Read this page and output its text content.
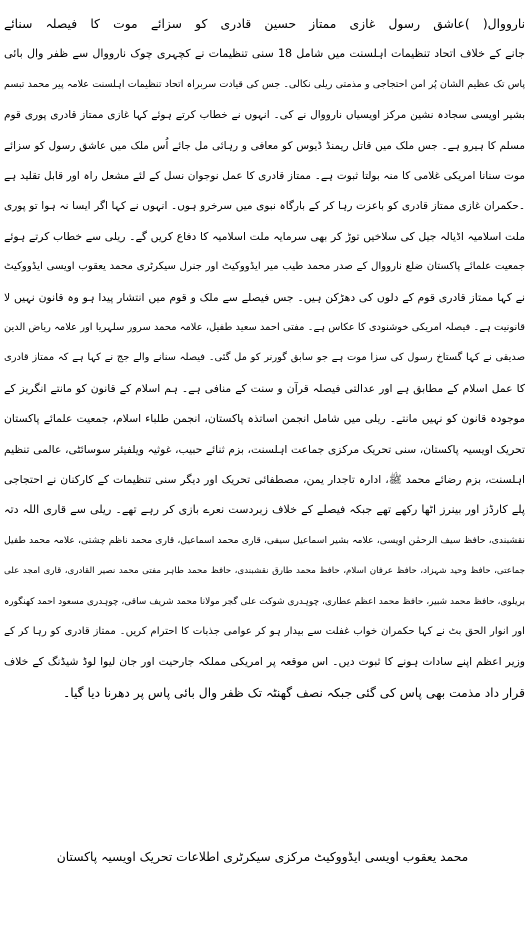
نارووال( )عاشق رسول غازی ممتاز حسین قادری کو سزائے موت کا فیصلہ سنائے
جانے کے خلاف اتحاد تنظیمات اہلسنت میں شامل 18 سنی تنظیمات نے کچہری چوک نارووال سے ظفر وال بائی
پاس تک عظیم الشان پُر امن احتجاجی و مذمتی ریلی نکالی۔ جس کی قیادت سربراہ اتحاد تنظیمات اہلسنت علامہ پیر محمد تبسم
بشیر اویسی سجادہ نشین مرکز اویسیاں نارووال نے کی۔ انہوں نے خطاب کرتے ہوئے کہا غازی ممتاز قادری پوری قوم
مسلم کا ہیرو ہے۔ جس ملک میں قاتل ریمنڈ ڈیوس کو معافی و رہائی مل جائے اُس ملک میں عاشق رسول کو سزائے
موت سنانا امریکی غلامی کا منہ بولتا ثبوت ہے۔ ممتاز قادری کا عمل نوجوان نسل کے لئے مشعل راہ اور قابل تقلید ہے
۔حکمران غازی ممتاز قادری کو باعزت رہا کر کے بارگاہ نبوی میں سرخرو ہوں۔ انہوں نے کہا اگر ایسا نہ ہوا تو پوری
ملت اسلامیہ اڈیالہ جیل کی سلاخیں توڑ کر بھی سرمایہ ملت اسلامیہ کا دفاع کریں گے۔ ریلی سے خطاب کرتے ہوئے
جمعیت علمائے پاکستان ضلع نارووال کے صدر محمد طیب میر ایڈووکیٹ اور جنرل سیکرٹری محمد یعقوب اویسی ایڈووکیٹ
نے کہا ممتاز قادری قوم کے دلوں کی دھڑکن ہیں۔ جس فیصلے سے ملک و قوم میں انتشار پیدا ہو وہ قانون نہیں لا
قانونیت ہے۔ فیصلہ امریکی خوشنودی کا عکاس ہے۔ مفتی احمد سعید طفیل، علامہ محمد سرور سلہریا اور علامہ ریاض الدین
صدیقی نے کہا گستاخ رسول کی سزا موت ہے جو سابق گورنر کو مل گئی۔ فیصلہ سنانے والے جج نے کہا ہے کہ ممتاز قادری
کا عمل اسلام کے مطابق ہے اور عدالتی فیصلہ قرآن و سنت کے منافی ہے۔ ہم اسلام کے قانون کو مانتے انگریز کے
موجودہ قانون کو نہیں مانتے۔ ریلی میں شامل انجمن اساتذہ پاکستان، انجمن طلباء اسلام، جمعیت علمائے پاکستان
تحریک اویسیہ پاکستان، سنی تحریک مرکزی جماعت اہلسنت، بزم ثنائے حبیب، غوثیہ ویلفیئر سوسائٹی، عالمی تنظیم
اہلسنت، بزم رضائے محمد ﷺ، ادارہ تاجدار یمن، مصطفائی تحریک اور دیگر سنی تنظیمات کے کارکنان نے احتجاجی
پلے کارڈز اور بینرز اٹھا رکھے تھے جبکہ فیصلے کے خلاف زبردست نعرے بازی کر رہے تھے۔ ریلی سے قاری اللہ دتہ
نقشبندی، حافظ سیف الرحمٰن اویسی، علامہ بشیر اسماعیل سیفی، قاری محمد اسماعیل، قاری محمد ناظم چشتی، علامہ محمد طفیل
جماعتی، حافظ وحید شہزاد، حافظ عرفان اسلام، حافظ محمد طارق نقشبندی، حافظ محمد طاہر مفتی محمد نصیر القادری، قاری امجد علی
بریلوی، حافظ محمد شبیر، حافظ محمد اعظم عطاری، چوہدری شوکت علی گجر مولانا محمد شریف ساقی، چوہدری مسعود احمد کھنگورہ
اور انوار الحق بٹ نے کہا حکمران خواب غفلت سے بیدار ہو کر عوامی جذبات کا احترام کریں۔ ممتاز قادری کو رہا کر کے
وزیر اعظم اپنے سادات ہونے کا ثبوت دیں۔ اس موقعہ پر امریکی مملکہ جارحیت اور جان لیوا لوڈ شیڈنگ کے خلاف
قرار داد مذمت بھی پاس کی گئی جبکہ نصف گھنٹہ تک ظفر وال بائی پاس پر دھرنا دیا گیا۔
محمد یعقوب اویسی ایڈووکیٹ مرکزی سیکرٹری اطلاعات تحریک اویسیہ پاکستان
